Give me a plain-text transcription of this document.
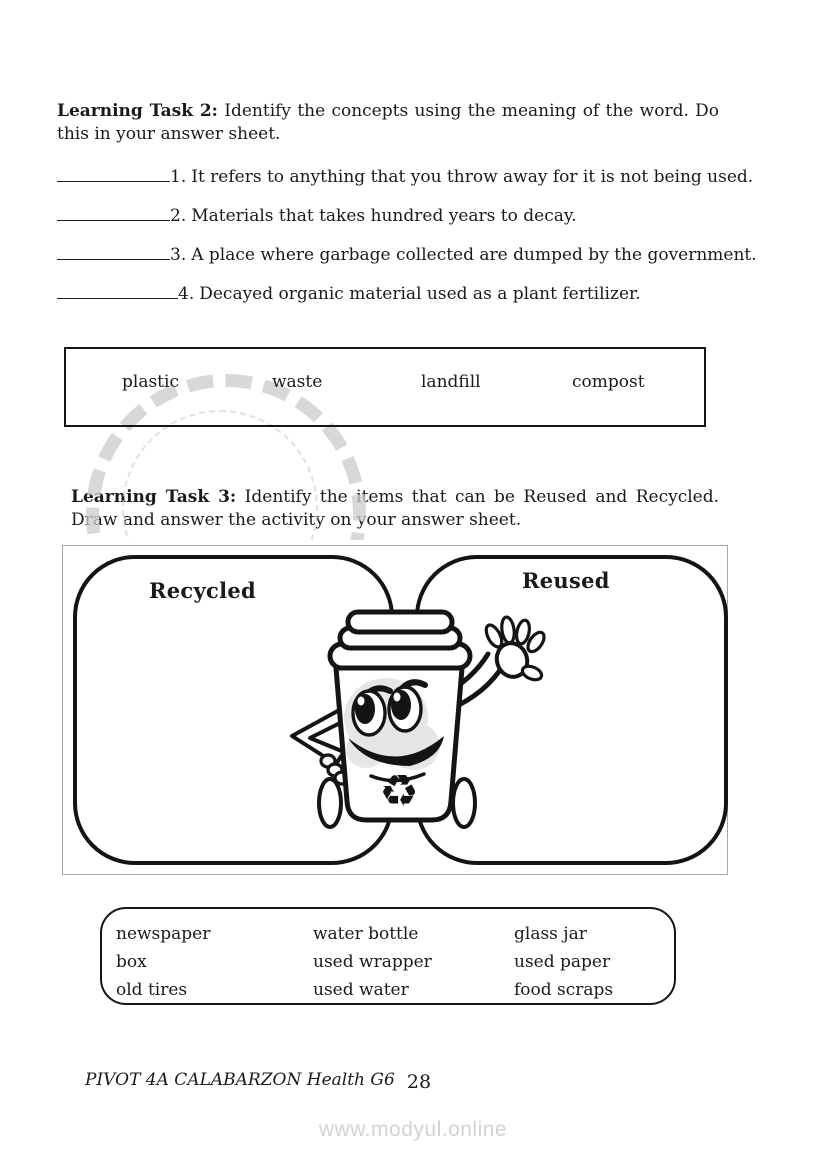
Learning Task 2: Identify the concepts using the meaning of the word. Do this in your answer sheet.

1. It refers to anything that you throw away for it is not being used.
2. Materials that takes hundred years to decay.
3. A place where garbage collected are dumped by the government.
4. Decayed organic material used as a plant fertilizer.
plastic	waste	landfill	compost

Learning Task 3: Identify the items that can be Reused and Recycled. Draw and answer the activity on your answer sheet.

Recycled	Reused
♻
newspaper	water bottle	glass jar
box	used wrapper	used paper
old tires	used water	food scraps
PIVOT 4A CALABARZON Health G6 28
www.modyul.online
